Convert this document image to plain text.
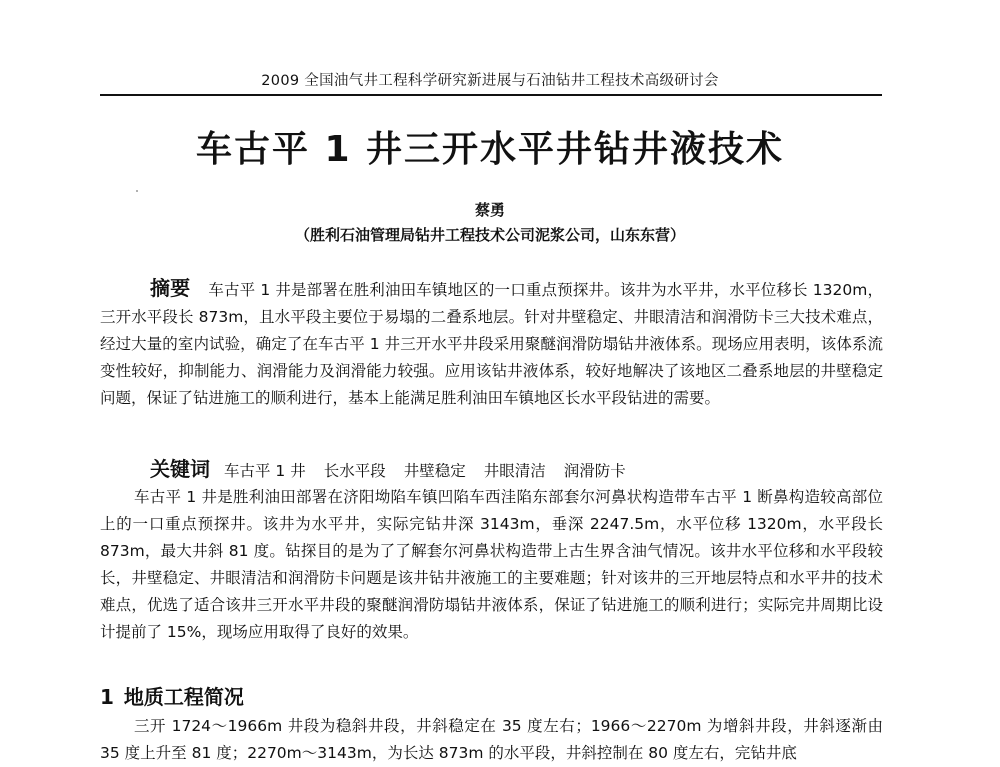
2009 全国油气井工程科学研究新进展与石油钻井工程技术高级研讨会
车古平 1 井三开水平井钻井液技术
蔡勇
（胜利石油管理局钻井工程技术公司泥浆公司，山东东营）

摘要 车古平 1 井是部署在胜利油田车镇地区的一口重点预探井。该井为水平井，水平位移长 1320m，三开水平段长 873m，且水平段主要位于易塌的二叠系地层。针对井壁稳定、井眼清洁和润滑防卡三大技术难点，经过大量的室内试验，确定了在车古平 1 井三开水平井段采用聚醚润滑防塌钻井液体系。现场应用表明，该体系流变性较好，抑制能力、润滑能力及润滑能力较强。应用该钻井液体系，较好地解决了该地区二叠系地层的井壁稳定问题，保证了钻进施工的顺利进行，基本上能满足胜利油田车镇地区长水平段钻进的需要。

关键词 车古平 1 井 长水平段 井壁稳定 井眼清洁 润滑防卡

车古平 1 井是胜利油田部署在济阳坳陷车镇凹陷车西洼陷东部套尔河鼻状构造带车古平 1 断鼻构造较高部位上的一口重点预探井。该井为水平井，实际完钻井深 3143m，垂深 2247.5m，水平位移 1320m，水平段长 873m，最大井斜 81 度。钻探目的是为了了解套尔河鼻状构造带上古生界含油气情况。该井水平位移和水平段较长，井壁稳定、井眼清洁和润滑防卡问题是该井钻井液施工的主要难题；针对该井的三开地层特点和水平井的技术难点，优选了适合该井三开水平井段的聚醚润滑防塌钻井液体系，保证了钻进施工的顺利进行；实际完井周期比设计提前了 15%，现场应用取得了良好的效果。

1 地质工程简况

三开 1724～1966m 井段为稳斜井段，井斜稳定在 35 度左右；1966～2270m 为增斜井段，井斜逐渐由 35 度上升至 81 度；2270m～3143m，为长达 873m 的水平段，井斜控制在 80 度左右，完钻井底
